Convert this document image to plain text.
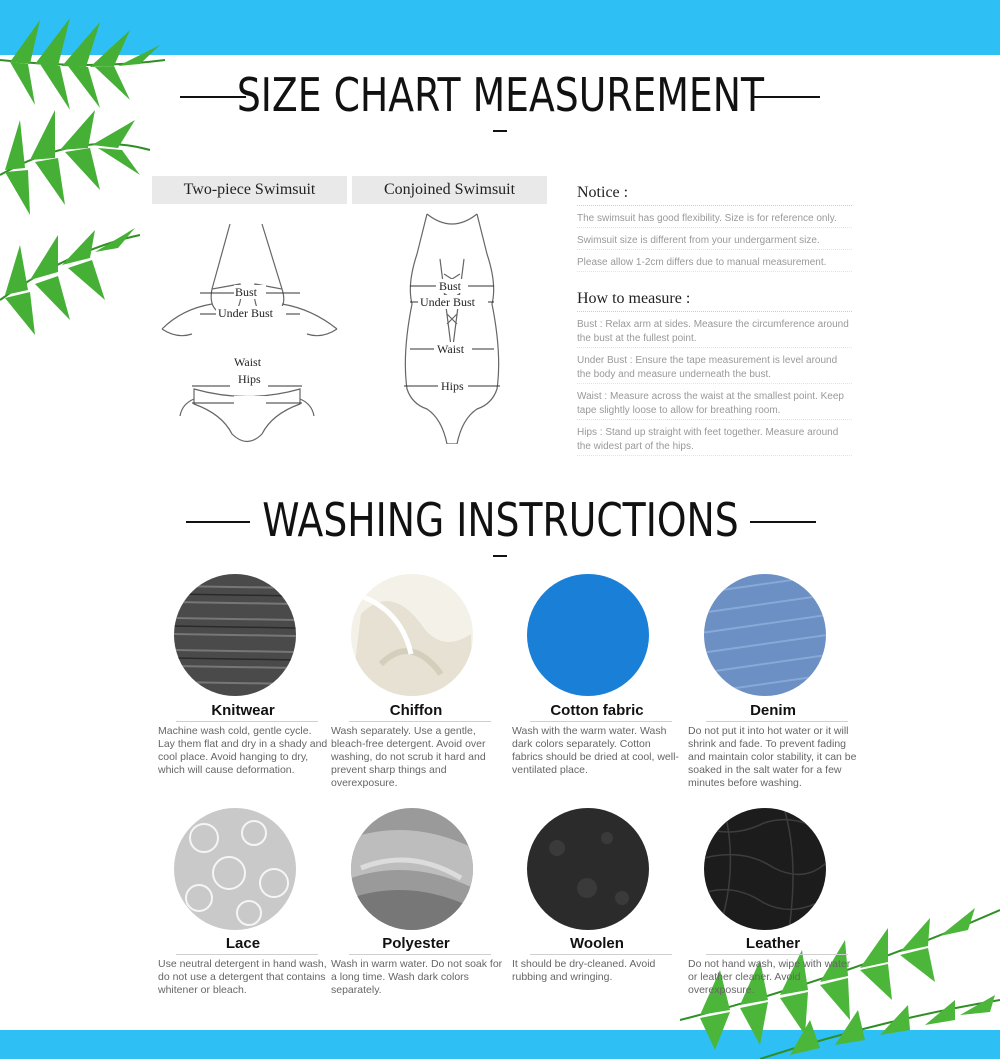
SIZE CHART MEASUREMENT
Two-piece Swimsuit
Bust
Under Bust
Waist
Hips
Conjoined Swimsuit
Bust
Under Bust
Waist
Hips
Notice :

The swimsuit has good flexibility. Size is for reference only.

Swimsuit size is different from your undergarment size.

Please allow 1-2cm differs due to manual measurement.

How to measure :

Bust : Relax arm at sides. Measure the circumference around the bust at the fullest point.

Under Bust : Ensure the tape measurement is level around the body and measure underneath the bust.

Waist : Measure across the waist at the smallest point. Keep tape slightly loose to allow for breathing room.

Hips : Stand up straight with feet together. Measure around the widest part of the hips.

WASHING INSTRUCTIONS
Knitwear
Machine wash cold, gentle cycle. Lay them flat and dry in a shady and cool place. Avoid hanging to dry, which will cause deformation.
Chiffon
Wash separately. Use a gentle, bleach-free detergent. Avoid over washing, do not scrub it hard and prevent sharp things and overexposure.
Cotton fabric
Wash with the warm water. Wash dark colors separately. Cotton fabrics should be dried at cool, well-ventilated place.
Denim
Do not put it into hot water or it will shrink and fade. To prevent fading and maintain color stability, it can be soaked in the salt water for a few minutes before washing.
Lace
Use neutral detergent in hand wash, do not use a detergent that contains whitener or bleach.
Polyester
Wash in warm water. Do not soak for a long time. Wash dark colors separately.
Woolen
It should be dry-cleaned. Avoid rubbing and wringing.
Leather
Do not hand wash, wipe with water or leather cleaner. Avoid overexposure.
